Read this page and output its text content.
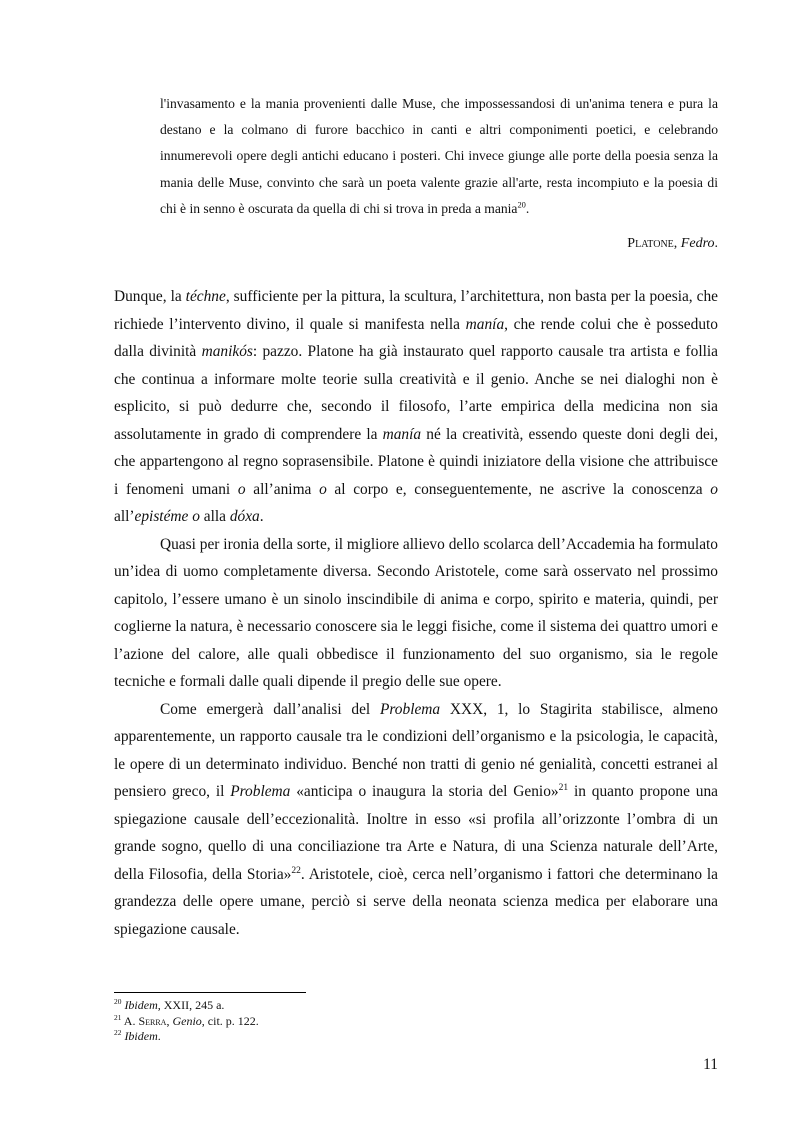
l'invasamento e la mania provenienti dalle Muse, che impossessandosi di un'anima tenera e pura la destano e la colmano di furore bacchico in canti e altri componimenti poetici, e celebrando innumerevoli opere degli antichi educano i posteri. Chi invece giunge alle porte della poesia senza la mania delle Muse, convinto che sarà un poeta valente grazie all'arte, resta incompiuto e la poesia di chi è in senno è oscurata da quella di chi si trova in preda a mania$^{20}$.

Platone, Fedro.

Dunque, la téchne, sufficiente per la pittura, la scultura, l’architettura, non basta per la poesia, che richiede l’intervento divino, il quale si manifesta nella manía, che rende colui che è posseduto dalla divinità manikós: pazzo. Platone ha già instaurato quel rapporto causale tra artista e follia che continua a informare molte teorie sulla creatività e il genio. Anche se nei dialoghi non è esplicito, si può dedurre che, secondo il filosofo, l’arte empirica della medicina non sia assolutamente in grado di comprendere la manía né la creatività, essendo queste doni degli dei, che appartengono al regno soprasensibile. Platone è quindi iniziatore della visione che attribuisce i fenomeni umani o all’anima o al corpo e, conseguentemente, ne ascrive la conoscenza o all’epistéme o alla dóxa.

Quasi per ironia della sorte, il migliore allievo dello scolarca dell’Accademia ha formulato un’idea di uomo completamente diversa. Secondo Aristotele, come sarà osservato nel prossimo capitolo, l’essere umano è un sinolo inscindibile di anima e corpo, spirito e materia, quindi, per coglierne la natura, è necessario conoscere sia le leggi fisiche, come il sistema dei quattro umori e l’azione del calore, alle quali obbedisce il funzionamento del suo organismo, sia le regole tecniche e formali dalle quali dipende il pregio delle sue opere.

Come emergerà dall’analisi del Problema XXX, 1, lo Stagirita stabilisce, almeno apparentemente, un rapporto causale tra le condizioni dell’organismo e la psicologia, le capacità, le opere di un determinato individuo. Benché non tratti di genio né genialità, concetti estranei al pensiero greco, il Problema «anticipa o inaugura la storia del Genio»$^{21}$ in quanto propone una spiegazione causale dell’eccezionalità. Inoltre in esso «si profila all’orizzonte l’ombra di un grande sogno, quello di una conciliazione tra Arte e Natura, di una Scienza naturale dell’Arte, della Filosofia, della Storia»$^{22}$. Aristotele, cioè, cerca nell’organismo i fattori che determinano la grandezza delle opere umane, perciò si serve della neonata scienza medica per elaborare una spiegazione causale.

$^{20}$ Ibidem, XXII, 245 a.
$^{21}$ A. Serra, Genio, cit. p. 122.
$^{22}$ Ibidem.
11
